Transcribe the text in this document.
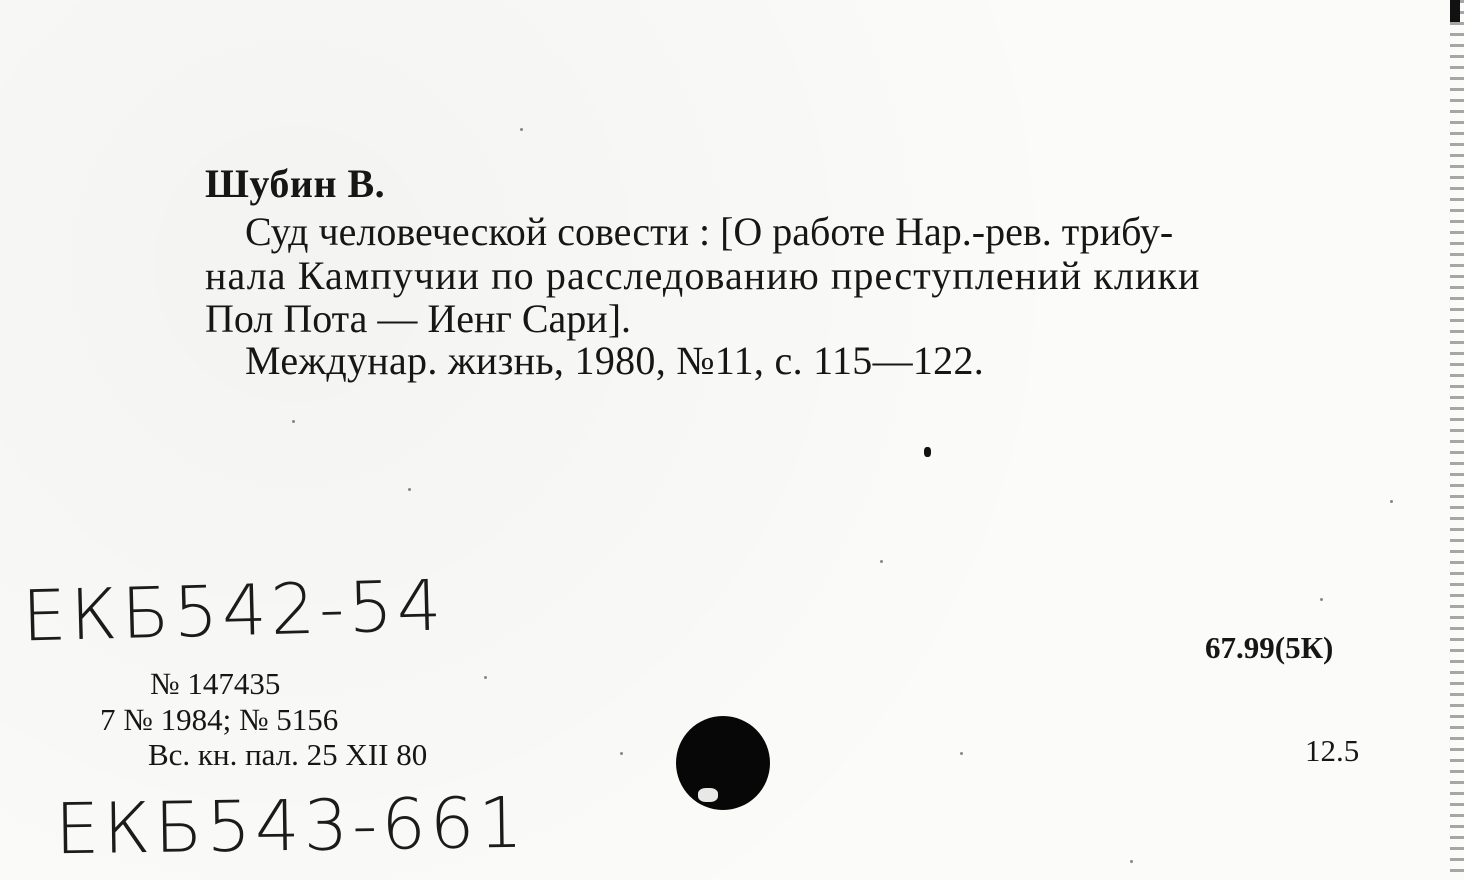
Шубин В.
Суд человеческой совести : [О работе Нар.-рев. трибу-
нала Кампучии по расследованию преступлений клики
Пол Пота — Иенг Сари].
Междунар. жизнь, 1980, №11, с. 115—122.
ЕКБ542-54	67.99(5К)
№ 147435
7 № 1984; № 5156
Вс. кн. пал. 25 XII 80	12.5
ЕКБ543-661
